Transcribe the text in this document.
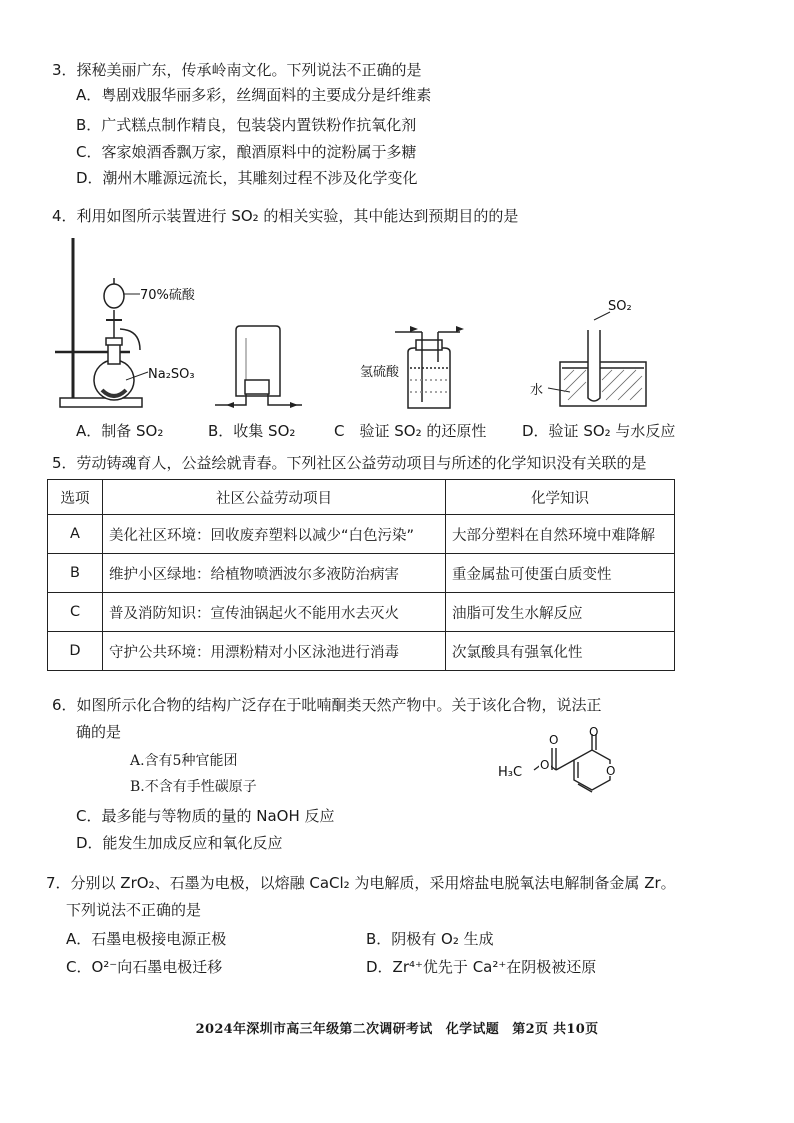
3．探秘美丽广东，传承岭南文化。下列说法不正确的是
A．粤剧戏服华丽多彩，丝绸面料的主要成分是纤维素
B．广式糕点制作精良，包装袋内置铁粉作抗氧化剂
C．客家娘酒香飘万家，酿酒原料中的淀粉属于多糖
D．潮州木雕源远流长，其雕刻过程不涉及化学变化
4．利用如图所示装置进行 SO₂ 的相关实验，其中能达到预期目的的是
70%硫酸
Na₂SO₃	氢硫酸
SO₂
水
A．制备 SO₂	B．收集 SO₂	C　验证 SO₂ 的还原性 D．验证 SO₂ 与水反应
5．劳动铸魂育人，公益绘就青春。下列社区公益劳动项目与所述的化学知识没有关联的是
选项	社区公益劳动项目	化学知识
A	美化社区环境：回收废弃塑料以减少“白色污染”	大部分塑料在自然环境中难降解
B	维护小区绿地：给植物喷洒波尔多液防治病害	重金属盐可使蛋白质变性
C	普及消防知识：宣传油锅起火不能用水去灭火	油脂可发生水解反应
D	守护公共环境：用漂粉精对小区泳池进行消毒	次氯酸具有强氧化性
6．如图所示化合物的结构广泛存在于吡喃酮类天然产物中。关于该化合物，说法正
确的是
A.含有5种官能团
B.不含有手性碳原子
C．最多能与等物质的量的 NaOH 反应
D．能发生加成反应和氧化反应
H₃C O
O
O
O
7．分别以 ZrO₂、石墨为电极，以熔融 CaCl₂ 为电解质，采用熔盐电脱氧法电解制备金属 Zr。
下列说法不正确的是
A．石墨电极接电源正极	B．阴极有 O₂ 生成
C．O²⁻向石墨电极迁移	D．Zr⁴⁺优先于 Ca²⁺在阴极被还原
2024年深圳市高三年级第二次调研考试　化学试题　第2页 共10页
